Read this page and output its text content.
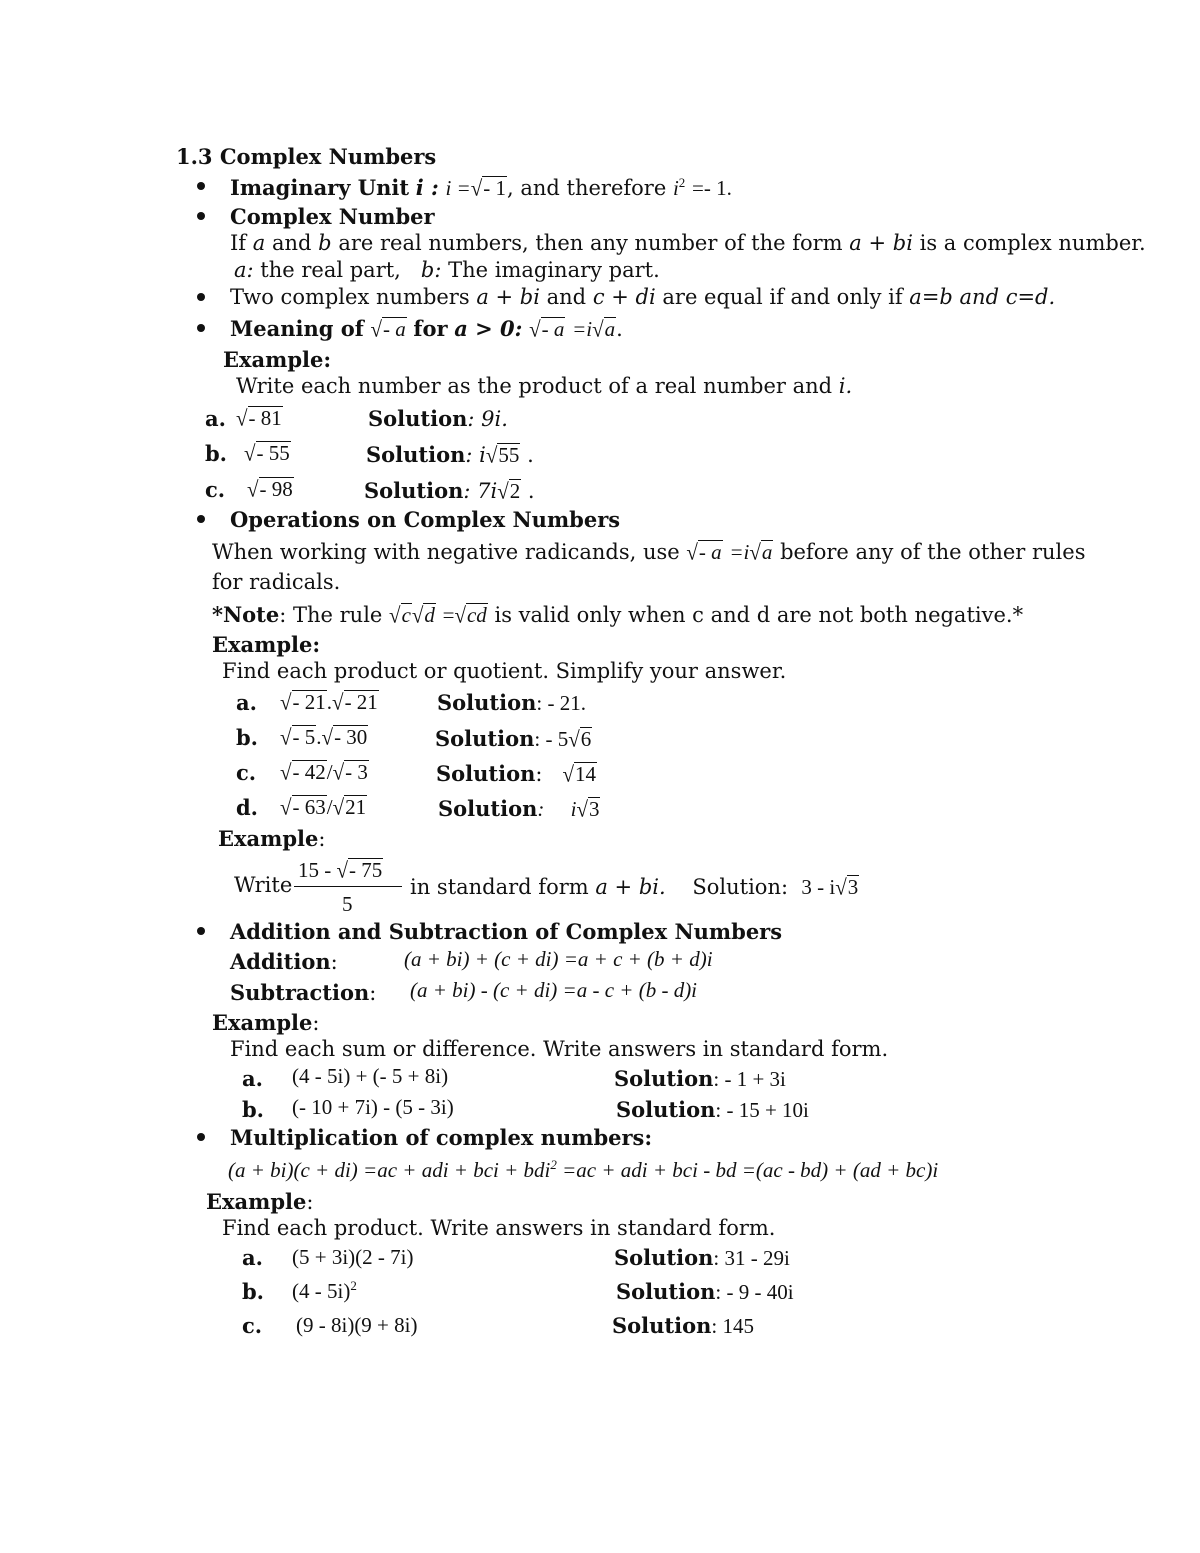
1.3 Complex Numbers
Imaginary Unit i : i =√- 1, and therefore $i^2 =- 1$.
Complex Number
If a and b are real numbers, then any number of the form a + bi is a complex number.
a: the real part, b: The imaginary part.
Two complex numbers a + bi and c + di are equal if and only if a=b and c=d.
Meaning of √- a for a > 0: √- a =i√a.
Example:
Write each number as the product of a real number and i.
a. √- 81	Solution: 9i.
b. √- 55	Solution: i√55 .
c. √- 98	Solution: 7i√2 .
Operations on Complex Numbers
When working with negative radicands, use √- a =i√a before any of the other rules
for radicals.
*Note: The rule √c√d =√cd is valid only when c and d are not both negative.*
Example:
Find each product or quotient. Simplify your answer.
a. √- 21.√- 21	Solution: - 21.
b. √- 5.√- 30	Solution: - 5√6
c. √- 42/√- 3	Solution: √14
d. √- 63/√21	Solution:     i√3
Example:
Write
15 - √- 75
5
in standard form a + bi. Solution: 3 - i√3
Addition and Subtraction of Complex Numbers
Addition:	(a + bi) + (c + di) =a + c + (b + d)i
Subtraction: (a + bi) - (c + di) =a - c + (b - d)i
Example:
Find each sum or difference. Write answers in standard form.
a. (4 - 5i) + (- 5 + 8i)	Solution: - 1 + 3i
b. (- 10 + 7i) - (5 - 3i)	Solution: - 15 + 10i
Multiplication of complex numbers:
(a + bi)(c + di) =ac + adi + bci + bdi$^2$ =ac + adi + bci - bd =(ac - bd) + (ad + bc)i
Example:
Find each product. Write answers in standard form.
a. (5 + 3i)(2 - 7i)	Solution: 31 - 29i
b. (4 - 5i)$^2$	Solution: - 9 - 40i
c. (9 - 8i)(9 + 8i)	Solution: 145
